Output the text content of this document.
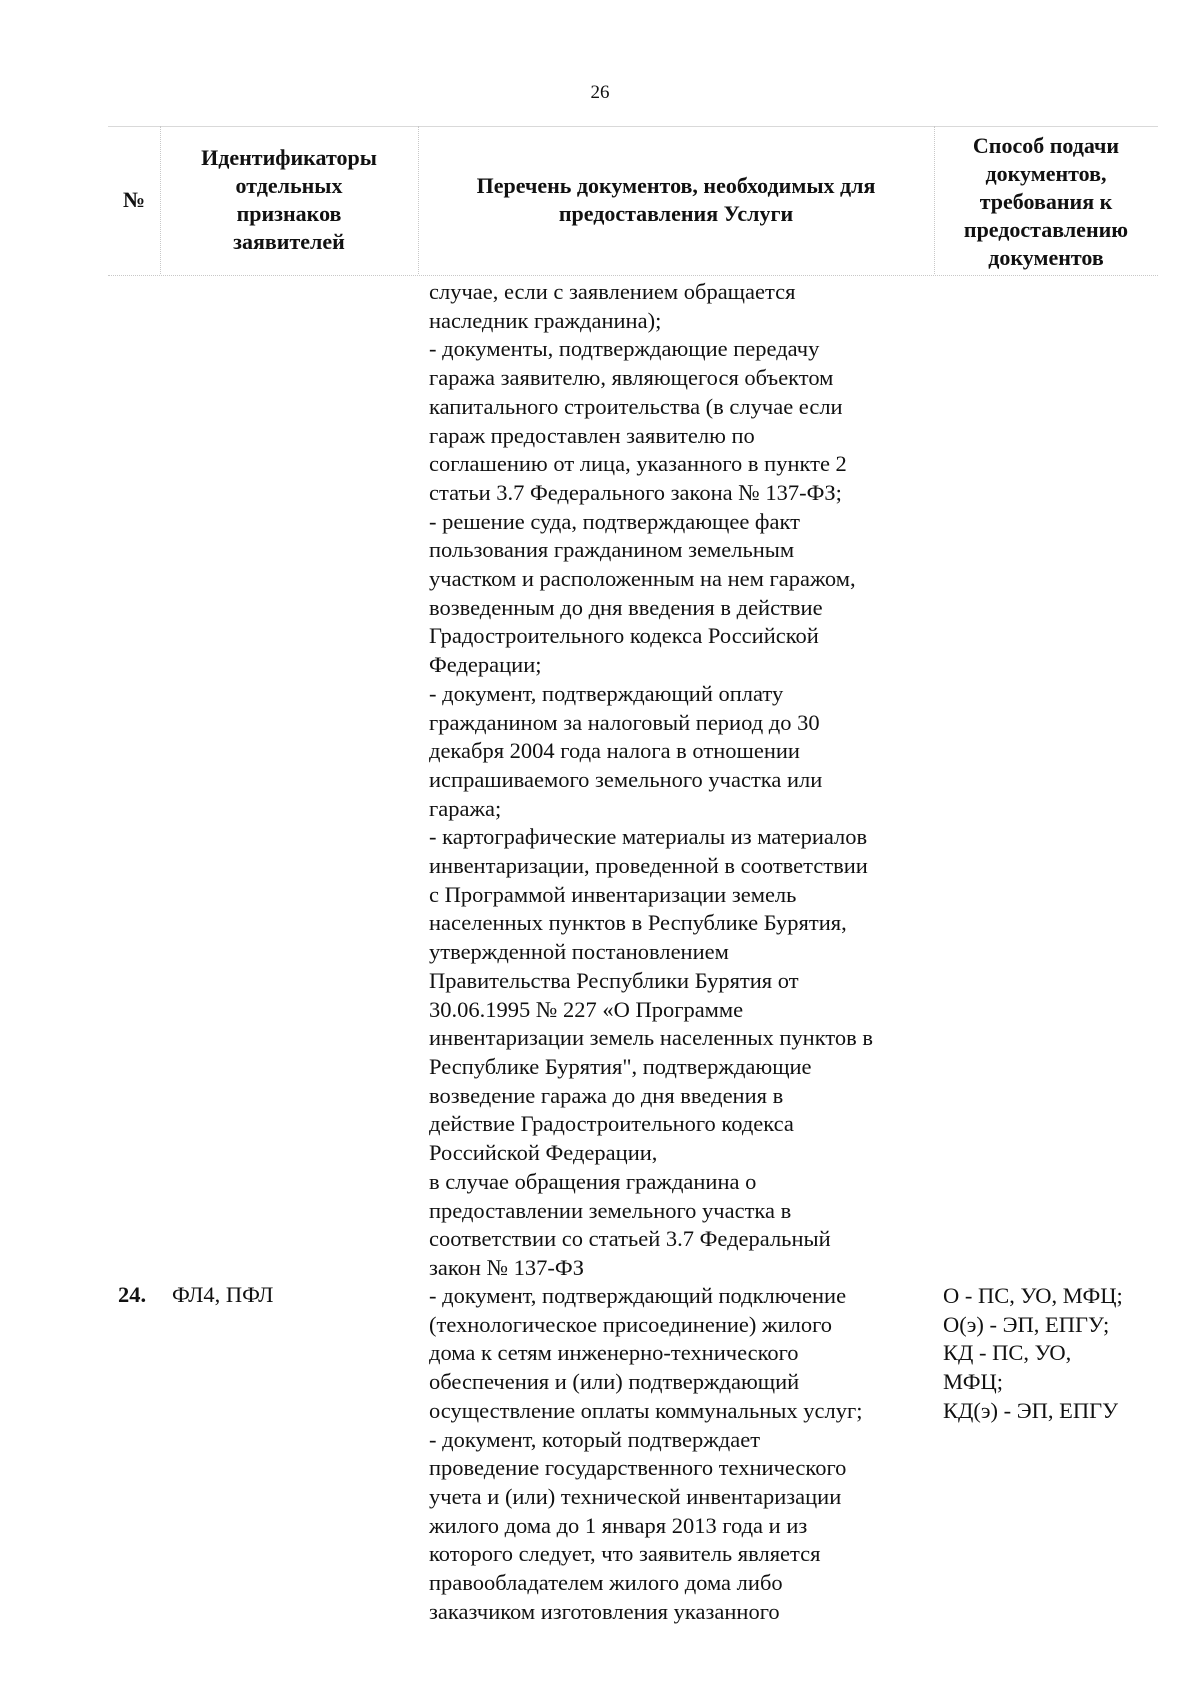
26
№
Идентификаторы отдельных признаков заявителей
Перечень документов, необходимых для предоставления Услуги
Способ подачи документов, требования к предоставлению документов
случае, если с заявлением обращается
наследник гражданина);
- документы, подтверждающие передачу
гаража заявителю, являющегося объектом
капитального строительства (в случае если
гараж предоставлен заявителю по
соглашению от лица, указанного в пункте 2
статьи 3.7 Федерального закона № 137-ФЗ;
- решение суда, подтверждающее факт
пользования гражданином земельным
участком и расположенным на нем гаражом,
возведенным до дня введения в действие
Градостроительного кодекса Российской
Федерации;
- документ, подтверждающий оплату
гражданином за налоговый период до 30
декабря 2004 года налога в отношении
испрашиваемого земельного участка или
гаража;
- картографические материалы из материалов
инвентаризации, проведенной в соответствии
с Программой инвентаризации земель
населенных пунктов в Республике Бурятия,
утвержденной постановлением
Правительства Республики Бурятия от
30.06.1995 № 227 «О Программе
инвентаризации земель населенных пунктов в
Республике Бурятия", подтверждающие
возведение гаража до дня введения в
действие Градостроительного кодекса
Российской Федерации,
в случае обращения гражданина о
предоставлении земельного участка в
соответствии со статьей 3.7 Федеральный
закон № 137-ФЗ
24. ФЛ4, ПФЛ	- документ, подтверждающий подключение
(технологическое присоединение) жилого
дома к сетям инженерно-технического
обеспечения и (или) подтверждающий
осуществление оплаты коммунальных услуг;
- документ, который подтверждает
проведение государственного технического
учета и (или) технической инвентаризации
жилого дома до 1 января 2013 года и из
которого следует, что заявитель является
правообладателем жилого дома либо
заказчиком изготовления указанного
О - ПС, УО, МФЦ;
О(э) - ЭП, ЕПГУ;
КД - ПС, УО,
МФЦ;
КД(э) - ЭП, ЕПГУ
